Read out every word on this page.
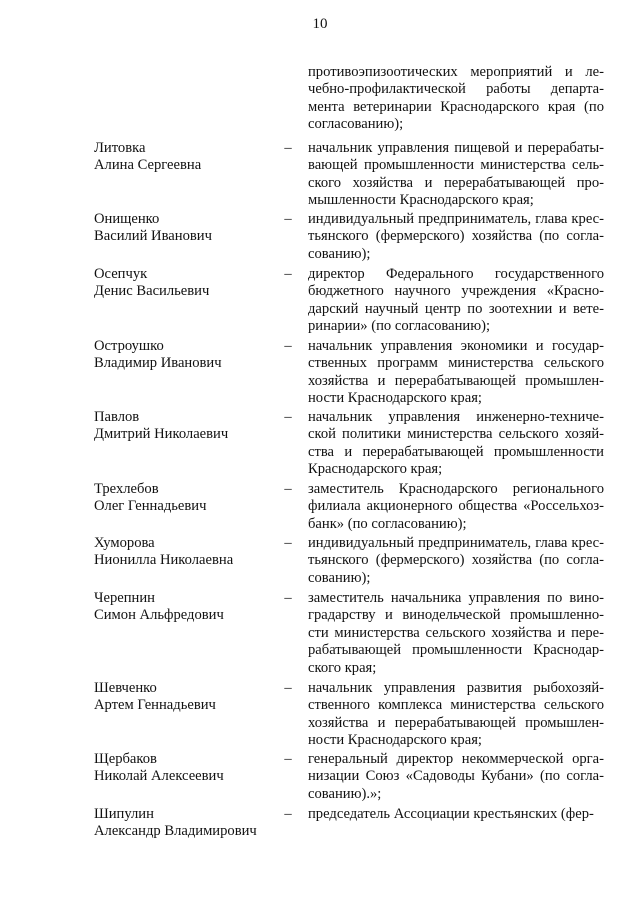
10
противоэпизоотических мероприятий и ле-
чебно-профилактической работы департа-
мента ветеринарии Краснодарского края (по
согласованию);
Литовка
Алина Сергеевна
– начальник управления пищевой и перерабаты-
вающей промышленности министерства сель-
ского хозяйства и перерабатывающей про-
мышленности Краснодарского края;
Онищенко
Василий Иванович
– индивидуальный предприниматель, глава крес-
тьянского (фермерского) хозяйства (по согла-
сованию);
Осепчук
Денис Васильевич
– директор Федерального государственного
бюджетного научного учреждения «Красно-
дарский научный центр по зоотехнии и вете-
ринарии» (по согласованию);
Остроушко
Владимир Иванович
– начальник управления экономики и государ-
ственных программ министерства сельского
хозяйства и перерабатывающей промышлен-
ности Краснодарского края;
Павлов
Дмитрий Николаевич
– начальник управления инженерно-техниче-
ской политики министерства сельского хозяй-
ства и перерабатывающей промышленности
Краснодарского края;
Трехлебов
Олег Геннадьевич
– заместитель Краснодарского регионального
филиала акционерного общества «Россельхоз-
банк» (по согласованию);
Хуморова
Нионилла Николаевна
– индивидуальный предприниматель, глава крес-
тьянского (фермерского) хозяйства (по согла-
сованию);
Черепнин
Симон Альфредович
– заместитель начальника управления по вино-
градарству и винодельческой промышленно-
сти министерства сельского хозяйства и пере-
рабатывающей промышленности Краснодар-
ского края;
Шевченко
Артем Геннадьевич
– начальник управления развития рыбохозяй-
ственного комплекса министерства сельского
хозяйства и перерабатывающей промышлен-
ности Краснодарского края;
Щербаков
Николай Алексеевич
– генеральный директор некоммерческой орга-
низации Союз «Садоводы Кубани» (по согла-
сованию).»;
Шипулин
Александр Владимирович
– председатель Ассоциации крестьянских (фер-
